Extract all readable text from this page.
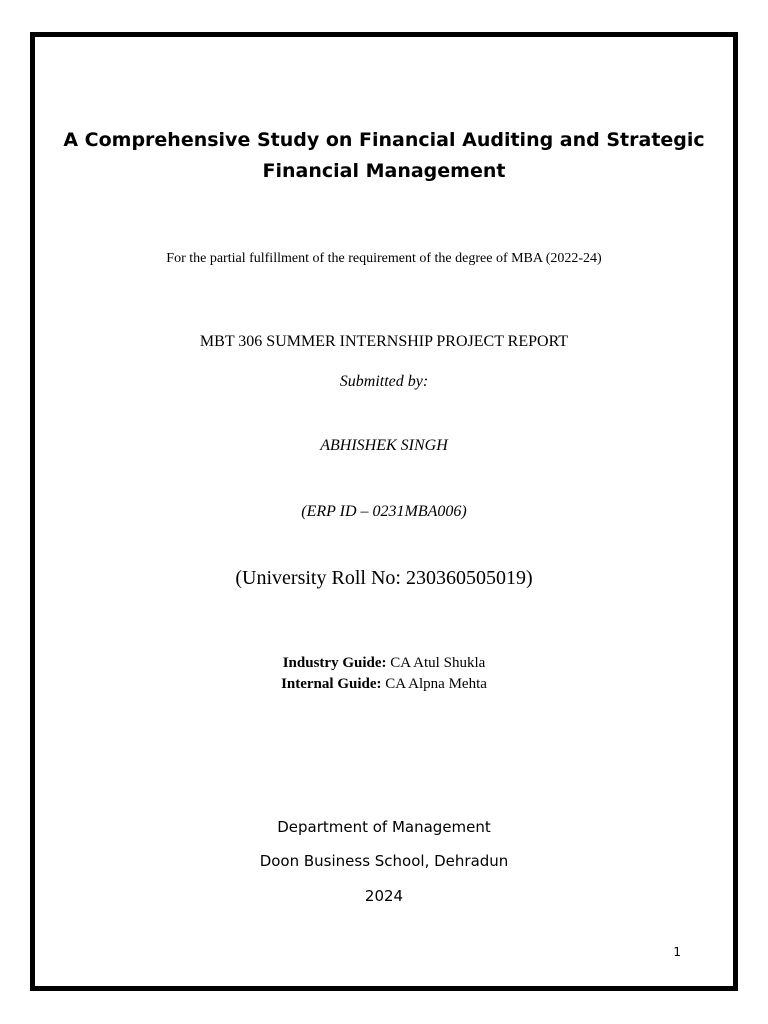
A Comprehensive Study on Financial Auditing and Strategic
Financial Management

For the partial fulfillment of the requirement of the degree of MBA (2022-24)

MBT 306 SUMMER INTERNSHIP PROJECT REPORT

Submitted by:

ABHISHEK SINGH

(ERP ID – 0231MBA006)

(University Roll No: 230360505019)

Industry Guide: CA Atul Shukla

Internal Guide: CA Alpna Mehta

Department of Management

Doon Business School, Dehradun

2024

1
